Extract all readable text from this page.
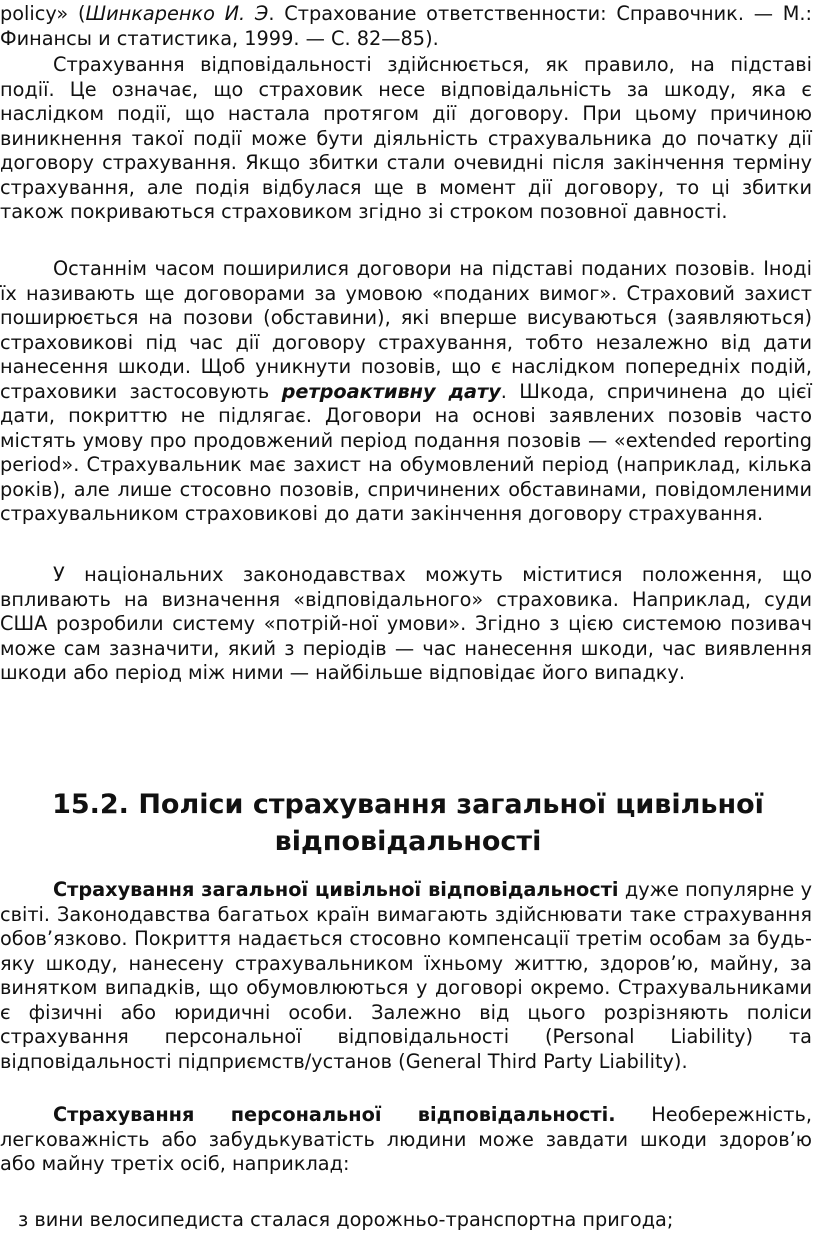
policy» (Шинкаренко И. Э. Страхование ответственности: Справочник. — М.: Финансы и статистика, 1999. — С. 82—85).

Страхування відповідальності здійснюється, як правило, на підставі події. Це означає, що страховик несе відповідальність за шкоду, яка є наслідком події, що настала протягом дії договору. При цьому причиною виникнення такої події може бути діяльність страхувальника до початку дії договору страхування. Якщо збитки стали очевидні після закінчення терміну страхування, але подія відбулася ще в момент дії договору, то ці збитки також покриваються страховиком згідно зі строком позовної давності.

Останнім часом поширилися договори на підставі поданих позовів. Іноді їх називають ще договорами за умовою «поданих вимог». Страховий захист поширюється на позови (обставини), які вперше висуваються (заявляються) страховикові під час дії договору страхування, тобто незалежно від дати нанесення шкоди. Щоб уникнути позовів, що є наслідком попередніх подій, страховики застосовують ретроактивну дату. Шкода, спричинена до цієї дати, покриттю не підлягає. Договори на основі заявлених позовів часто містять умову про продовжений період подання позовів — «extended reporting period». Страхувальник має захист на обумовлений період (наприклад, кілька років), але лише стосовно позовів, спричинених обставинами, повідомленими страхувальником страховикові до дати закінчення договору страхування.

У національних законодавствах можуть міститися положення, що впливають на визначення «відповідального» страховика. Наприклад, суди США розробили систему «потрій-ної умови». Згідно з цією системою позивач може сам зазначити, який з періодів — час нанесення шкоди, час виявлення шкоди або період між ними — найбільше відповідає його випадку.

15.2. Поліси страхування загальної цивільної відповідальності

Страхування загальної цивільної відповідальності дуже популярне у світі. Законодавства багатьох країн вимагають здійснювати таке страхування обов’язково. Покриття надається стосовно компенсації третім особам за будь-яку шкоду, нанесену страхувальником їхньому життю, здоров’ю, майну, за винятком випадків, що обумовлюються у договорі окремо. Страхувальниками є фізичні або юридичні особи. Залежно від цього розрізняють поліси страхування персональної відповідальності (Personal Liability) та відповідальності підприємств/установ (General Third Party Liability).

Страхування персональної відповідальності. Необережність, легковажність або забудькуватість людини може завдати шкоди здоров’ю або майну третіх осіб, наприклад:

з вини велосипедиста сталася дорожньо-транспортна пригода;
